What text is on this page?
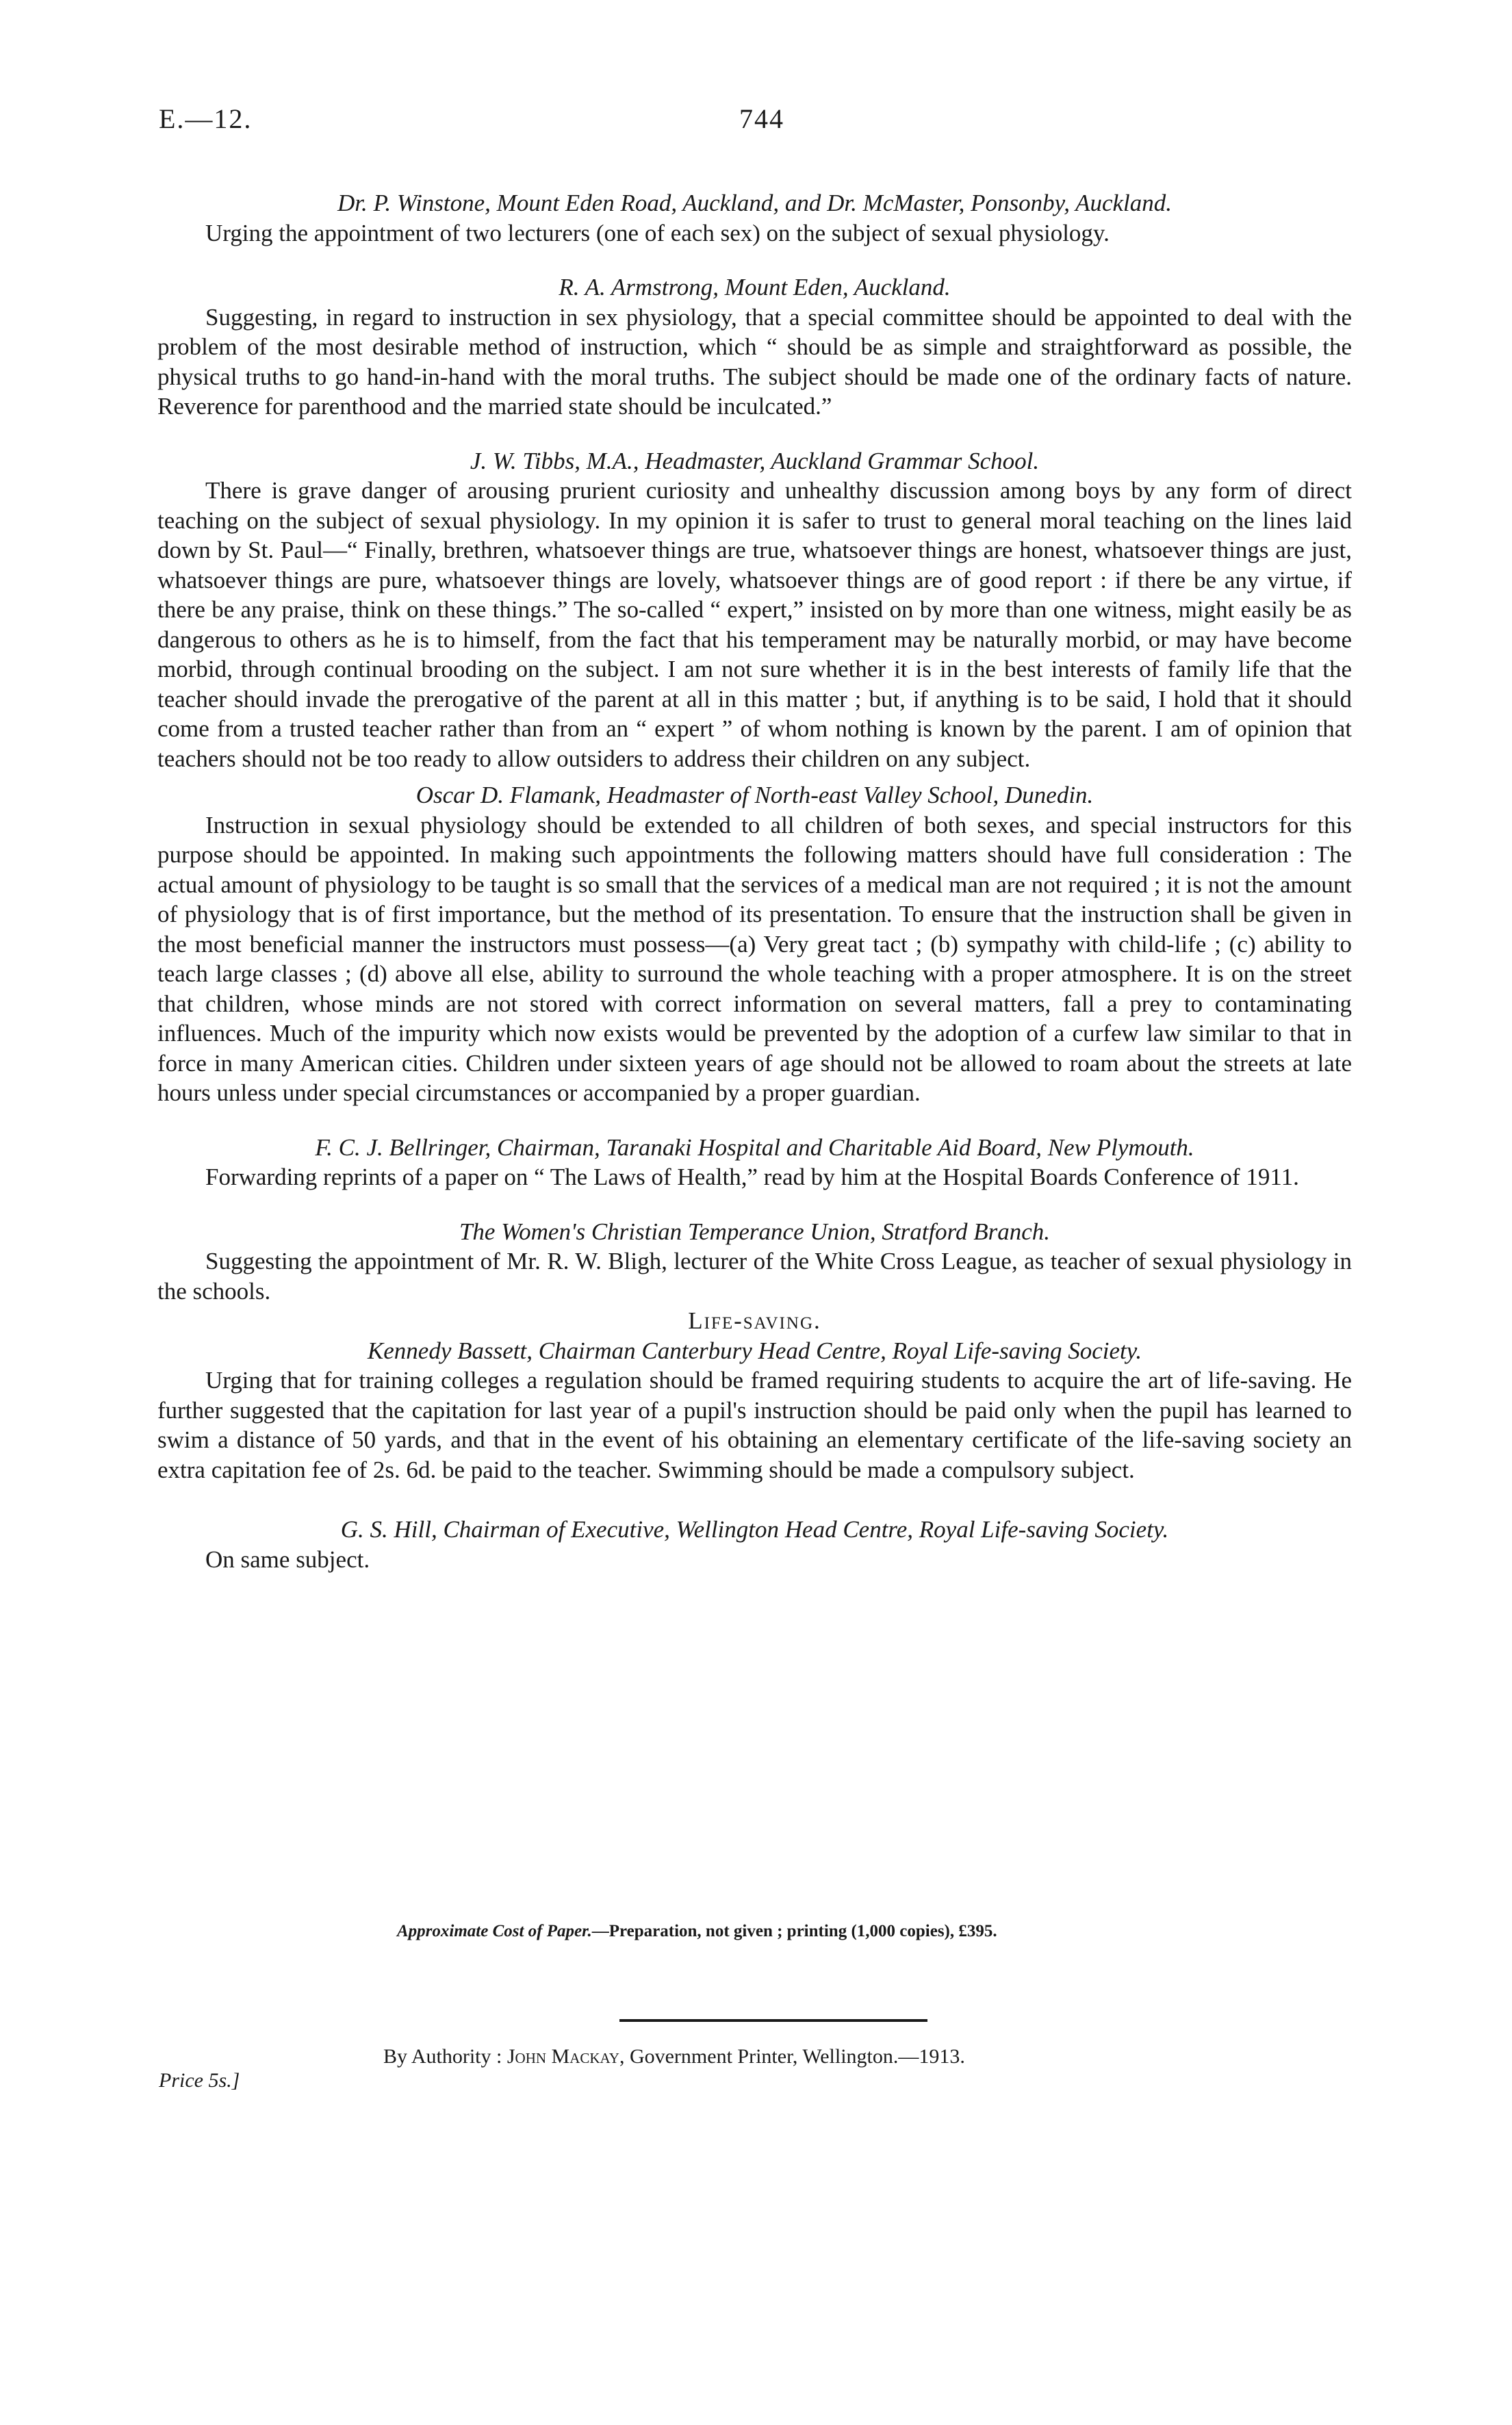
E.—12.	744

Dr. P. Winstone, Mount Eden Road, Auckland, and Dr. McMaster, Ponsonby, Auckland.

Urging the appointment of two lecturers (one of each sex) on the subject of sexual physiology.

R. A. Armstrong, Mount Eden, Auckland.

Suggesting, in regard to instruction in sex physiology, that a special committee should be appointed to deal with the problem of the most desirable method of instruction, which “ should be as simple and straightforward as possible, the physical truths to go hand-in-hand with the moral truths. The subject should be made one of the ordinary facts of nature. Reverence for parenthood and the married state should be inculcated.”

J. W. Tibbs, M.A., Headmaster, Auckland Grammar School.

There is grave danger of arousing prurient curiosity and unhealthy discussion among boys by any form of direct teaching on the subject of sexual physiology. In my opinion it is safer to trust to general moral teaching on the lines laid down by St. Paul—“ Finally, brethren, whatsoever things are true, whatsoever things are honest, whatsoever things are just, whatsoever things are pure, whatsoever things are lovely, whatsoever things are of good report : if there be any virtue, if there be any praise, think on these things.” The so-called “ expert,” insisted on by more than one witness, might easily be as dangerous to others as he is to himself, from the fact that his temperament may be naturally morbid, or may have become morbid, through continual brooding on the subject. I am not sure whether it is in the best interests of family life that the teacher should invade the prerogative of the parent at all in this matter ; but, if anything is to be said, I hold that it should come from a trusted teacher rather than from an “ expert ” of whom nothing is known by the parent. I am of opinion that teachers should not be too ready to allow outsiders to address their children on any subject.

Oscar D. Flamank, Headmaster of North-east Valley School, Dunedin.

Instruction in sexual physiology should be extended to all children of both sexes, and special instructors for this purpose should be appointed. In making such appointments the following matters should have full consideration : The actual amount of physiology to be taught is so small that the services of a medical man are not required ; it is not the amount of physiology that is of first importance, but the method of its presentation. To ensure that the instruction shall be given in the most beneficial manner the instructors must possess—(a) Very great tact ; (b) sympathy with child-life ; (c) ability to teach large classes ; (d) above all else, ability to surround the whole teaching with a proper atmosphere. It is on the street that children, whose minds are not stored with correct information on several matters, fall a prey to contaminating influences. Much of the impurity which now exists would be prevented by the adoption of a curfew law similar to that in force in many American cities. Children under sixteen years of age should not be allowed to roam about the streets at late hours unless under special circumstances or accompanied by a proper guardian.

F. C. J. Bellringer, Chairman, Taranaki Hospital and Charitable Aid Board, New Plymouth.

Forwarding reprints of a paper on “ The Laws of Health,” read by him at the Hospital Boards Conference of 1911.

The Women's Christian Temperance Union, Stratford Branch.

Suggesting the appointment of Mr. R. W. Bligh, lecturer of the White Cross League, as teacher of sexual physiology in the schools.

Life-saving.

Kennedy Bassett, Chairman Canterbury Head Centre, Royal Life-saving Society.

Urging that for training colleges a regulation should be framed requiring students to acquire the art of life-saving. He further suggested that the capitation for last year of a pupil's instruction should be paid only when the pupil has learned to swim a distance of 50 yards, and that in the event of his obtaining an elementary certificate of the life-saving society an extra capitation fee of 2s. 6d. be paid to the teacher. Swimming should be made a compulsory subject.

G. S. Hill, Chairman of Executive, Wellington Head Centre, Royal Life-saving Society.

On same subject.

Approximate Cost of Paper.—Preparation, not given ; printing (1,000 copies), £395.
By Authority : John Mackay, Government Printer, Wellington.—1913.
Price 5s.]
